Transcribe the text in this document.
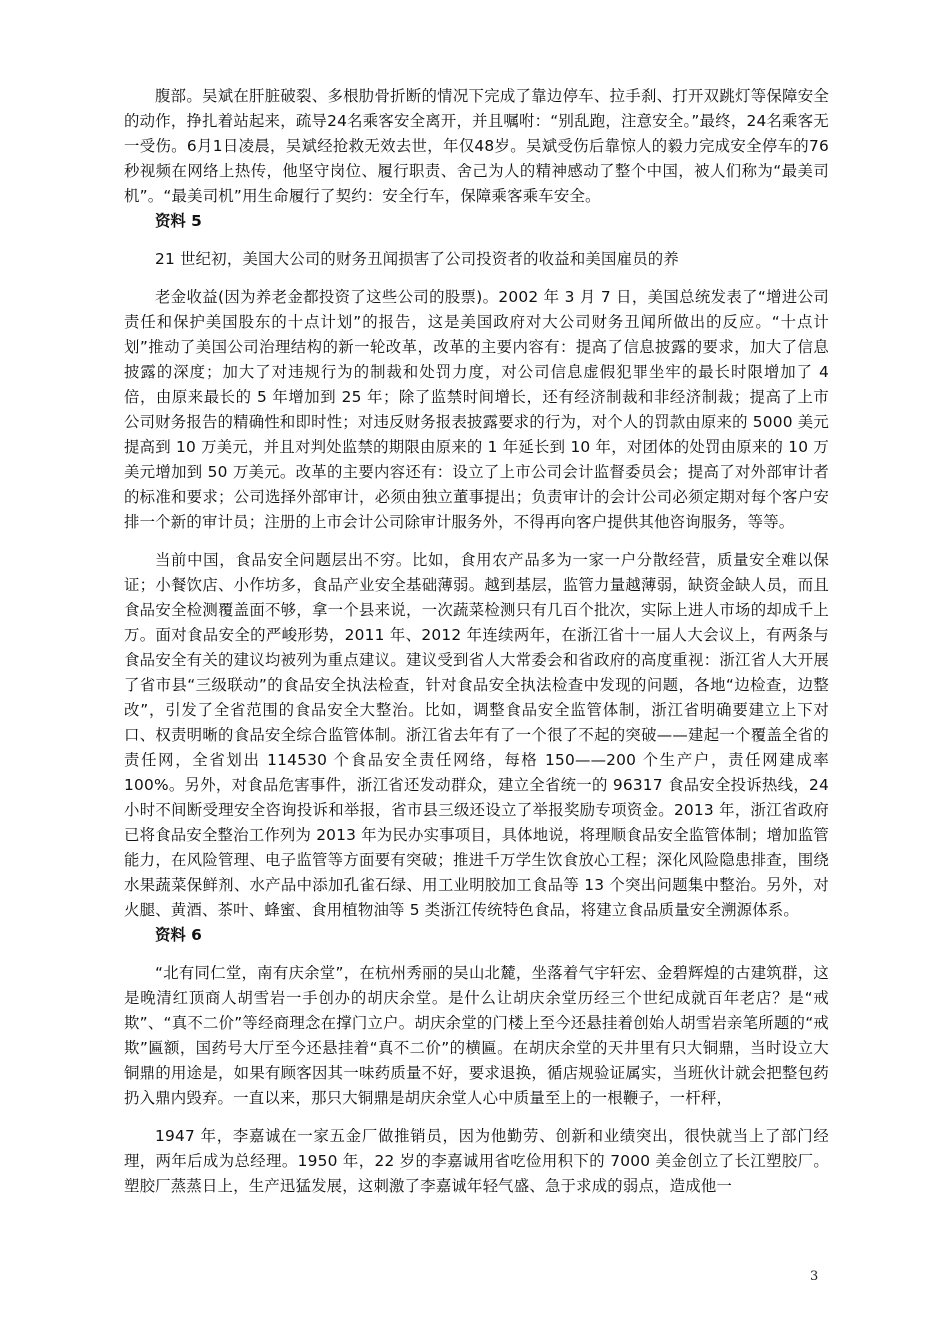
腹部。吴斌在肝脏破裂、多根肋骨折断的情况下完成了靠边停车、拉手刹、打开双跳灯等保障安全的动作，挣扎着站起来，疏导24名乘客安全离开，并且嘱咐：“别乱跑，注意安全。”最终，24名乘客无一受伤。6月1日凌晨，吴斌经抢救无效去世，年仅48岁。吴斌受伤后靠惊人的毅力完成安全停车的76秒视频在网络上热传，他坚守岗位、履行职责、舍己为人的精神感动了整个中国，被人们称为“最美司机”。“最美司机”用生命履行了契约：安全行车，保障乘客乘车安全。

资料 5

21 世纪初，美国大公司的财务丑闻损害了公司投资者的收益和美国雇员的养

老金收益(因为养老金都投资了这些公司的股票)。2002 年 3 月 7 日，美国总统发表了“增进公司责任和保护美国股东的十点计划”的报告，这是美国政府对大公司财务丑闻所做出的反应。“十点计划”推动了美国公司治理结构的新一轮改革，改革的主要内容有：提高了信息披露的要求，加大了信息披露的深度；加大了对违规行为的制裁和处罚力度，对公司信息虚假犯罪坐牢的最长时限增加了 4 倍，由原来最长的 5 年增加到 25 年；除了监禁时间增长，还有经济制裁和非经济制裁；提高了上市公司财务报告的精确性和即时性；对违反财务报表披露要求的行为，对个人的罚款由原来的 5000 美元提高到 10 万美元，并且对判处监禁的期限由原来的 1 年延长到 10 年，对团体的处罚由原来的 10 万美元增加到 50 万美元。改革的主要内容还有：设立了上市公司会计监督委员会；提高了对外部审计者的标准和要求；公司选择外部审计，必须由独立董事提出；负责审计的会计公司必须定期对每个客户安排一个新的审计员；注册的上市会计公司除审计服务外，不得再向客户提供其他咨询服务，等等。

当前中国，食品安全问题层出不穷。比如，食用农产品多为一家一户分散经营，质量安全难以保证；小餐饮店、小作坊多，食品产业安全基础薄弱。越到基层，监管力量越薄弱，缺资金缺人员，而且食品安全检测覆盖面不够，拿一个县来说，一次蔬菜检测只有几百个批次，实际上进人市场的却成千上万。面对食品安全的严峻形势，2011 年、2012 年连续两年，在浙江省十一届人大会议上，有两条与食品安全有关的建议均被列为重点建议。建议受到省人大常委会和省政府的高度重视：浙江省人大开展了省市县“三级联动”的食品安全执法检查，针对食品安全执法检查中发现的问题，各地“边检查，边整改”，引发了全省范围的食品安全大整治。比如，调整食品安全监管体制，浙江省明确要建立上下对口、权责明晰的食品安全综合监管体制。浙江省去年有了一个很了不起的突破——建起一个覆盖全省的责任网，全省划出 114530 个食品安全责任网络，每格 150——200 个生产户，责任网建成率 100%。另外，对食品危害事件，浙江省还发动群众，建立全省统一的 96317 食品安全投诉热线，24 小时不间断受理安全咨询投诉和举报，省市县三级还设立了举报奖励专项资金。2013 年，浙江省政府已将食品安全整治工作列为 2013 年为民办实事项目，具体地说，将理顺食品安全监管体制；增加监管能力，在风险管理、电子监管等方面要有突破；推进千万学生饮食放心工程；深化风险隐患排查，围绕水果蔬菜保鲜剂、水产品中添加孔雀石绿、用工业明胶加工食品等 13 个突出问题集中整治。另外，对火腿、黄酒、茶叶、蜂蜜、食用植物油等 5 类浙江传统特色食品，将建立食品质量安全溯源体系。

资料 6

“北有同仁堂，南有庆余堂”，在杭州秀丽的吴山北麓，坐落着气宇轩宏、金碧辉煌的古建筑群，这是晚清红顶商人胡雪岩一手创办的胡庆余堂。是什么让胡庆余堂历经三个世纪成就百年老店？是“戒欺”、“真不二价”等经商理念在撑门立户。胡庆余堂的门楼上至今还悬挂着创始人胡雪岩亲笔所题的“戒欺”匾额，国药号大厅至今还悬挂着“真不二价”的横匾。在胡庆余堂的天井里有只大铜鼎，当时设立大铜鼎的用途是，如果有顾客因其一味药质量不好，要求退换，循店规验证属实，当班伙计就会把整包药扔入鼎内毁弃。一直以来，那只大铜鼎是胡庆余堂人心中质量至上的一根鞭子，一杆秤，

1947 年，李嘉诚在一家五金厂做推销员，因为他勤劳、创新和业绩突出，很快就当上了部门经理，两年后成为总经理。1950 年，22 岁的李嘉诚用省吃俭用积下的 7000 美金创立了长江塑胶厂。塑胶厂蒸蒸日上，生产迅猛发展，这刺激了李嘉诚年轻气盛、急于求成的弱点，造成他一

3
